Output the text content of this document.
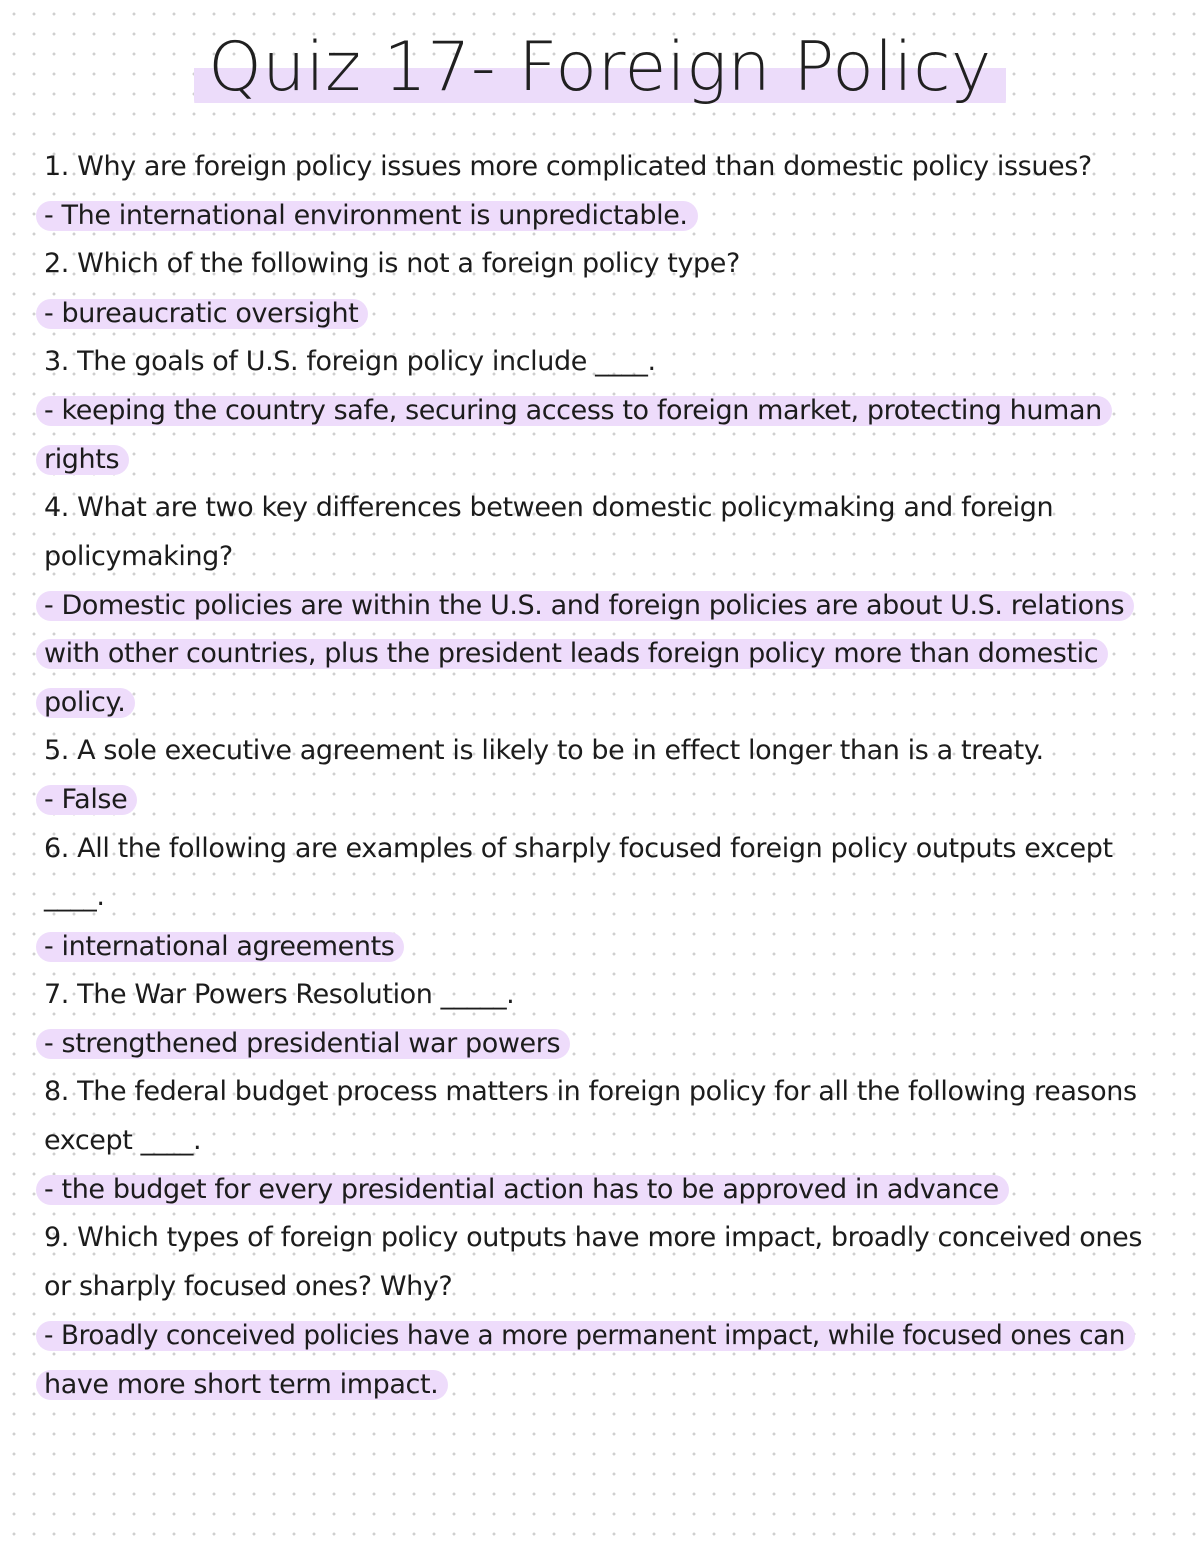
Quiz 17- Foreign Policy
1. Why are foreign policy issues more complicated than domestic policy issues?
- The international environment is unpredictable.
2. Which of the following is not a foreign policy type?
- bureaucratic oversight
3. The goals of U.S. foreign policy include ____.
- keeping the country safe, securing access to foreign market, protecting human
rights
4. What are two key differences between domestic policymaking and foreign
policymaking?
- Domestic policies are within the U.S. and foreign policies are about U.S. relations
with other countries, plus the president leads foreign policy more than domestic
policy.
5. A sole executive agreement is likely to be in effect longer than is a treaty.
- False
6. All the following are examples of sharply focused foreign policy outputs except
____.
- international agreements
7. The War Powers Resolution _____.
- strengthened presidential war powers
8. The federal budget process matters in foreign policy for all the following reasons
except ____.
- the budget for every presidential action has to be approved in advance
9. Which types of foreign policy outputs have more impact, broadly conceived ones
or sharply focused ones? Why?
- Broadly conceived policies have a more permanent impact, while focused ones can
have more short term impact.
